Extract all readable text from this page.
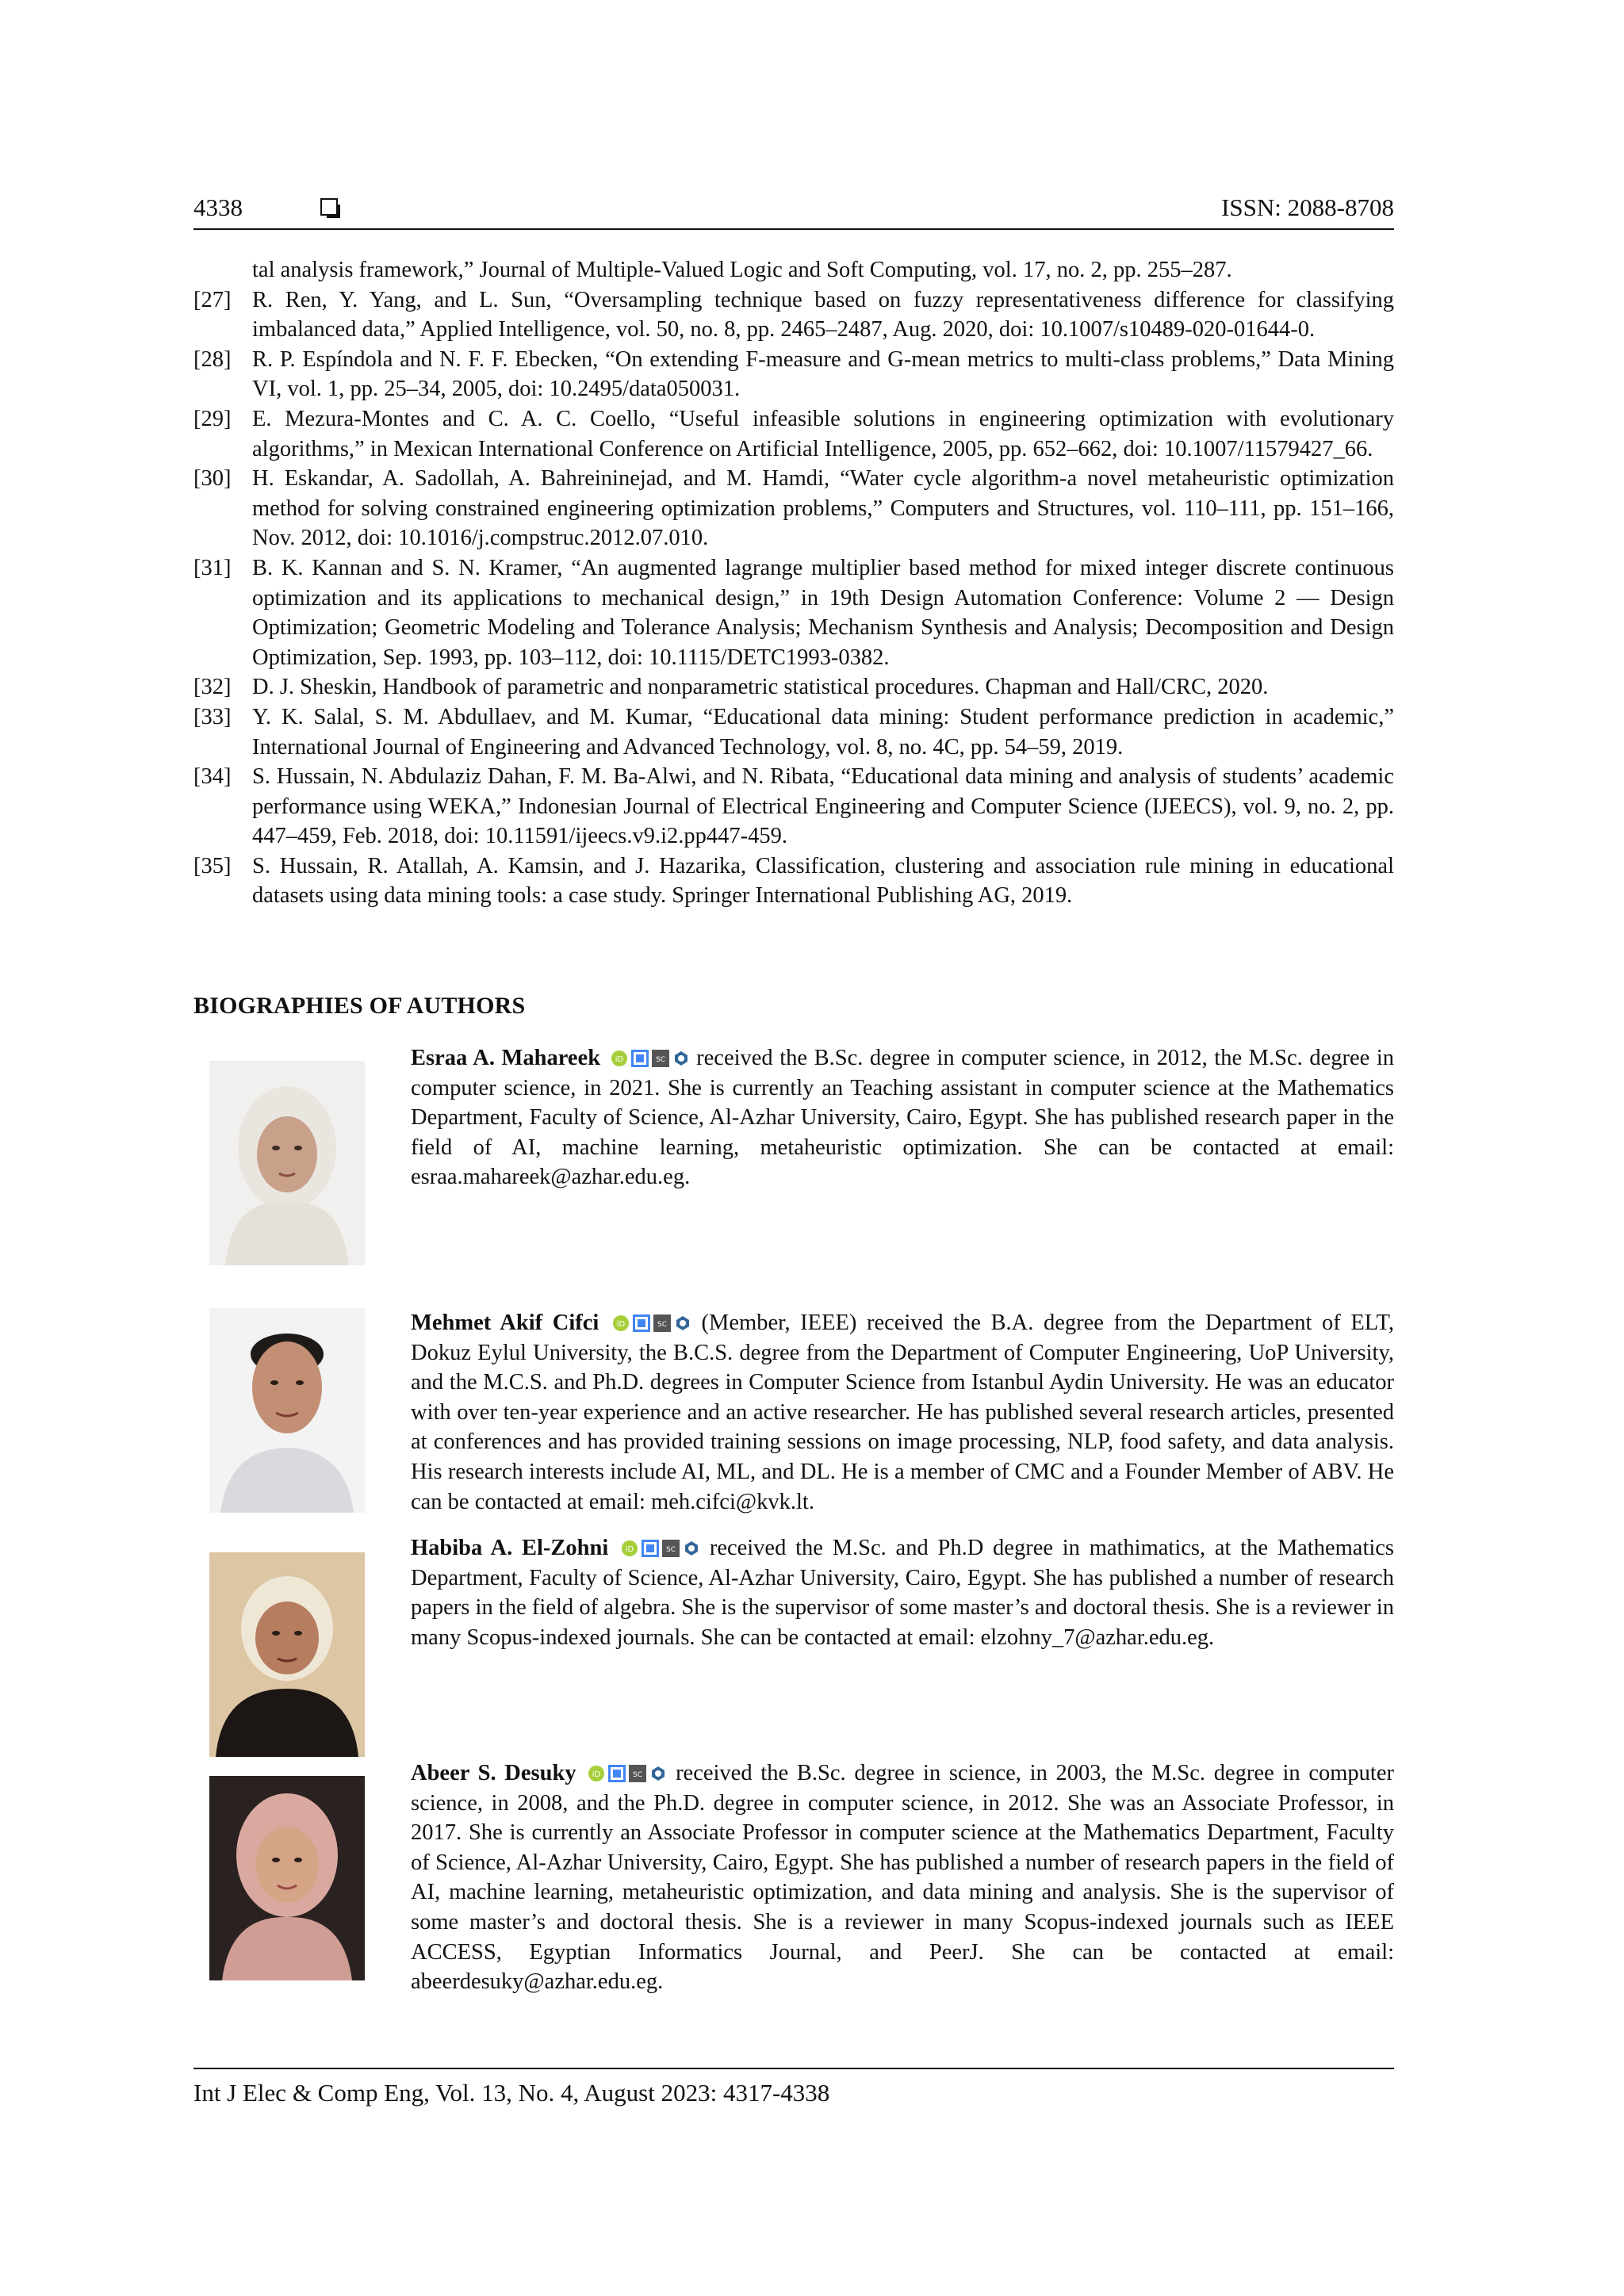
4338	ISSN: 2088-8708
tal analysis framework,” Journal of Multiple-Valued Logic and Soft Computing, vol. 17, no. 2, pp. 255–287.
[27] R. Ren, Y. Yang, and L. Sun, “Oversampling technique based on fuzzy representativeness difference for classifying imbalanced data,” Applied Intelligence, vol. 50, no. 8, pp. 2465–2487, Aug. 2020, doi: 10.1007/s10489-020-01644-0.
[28] R. P. Espíndola and N. F. F. Ebecken, “On extending F-measure and G-mean metrics to multi-class problems,” Data Mining VI, vol. 1, pp. 25–34, 2005, doi: 10.2495/data050031.
[29] E. Mezura-Montes and C. A. C. Coello, “Useful infeasible solutions in engineering optimization with evolutionary algorithms,” in Mexican International Conference on Artificial Intelligence, 2005, pp. 652–662, doi: 10.1007/11579427_66.
[30] H. Eskandar, A. Sadollah, A. Bahreininejad, and M. Hamdi, “Water cycle algorithm-a novel metaheuristic optimization method for solving constrained engineering optimization problems,” Computers and Structures, vol. 110–111, pp. 151–166, Nov. 2012, doi: 10.1016/j.compstruc.2012.07.010.
[31] B. K. Kannan and S. N. Kramer, “An augmented lagrange multiplier based method for mixed integer discrete continuous optimization and its applications to mechanical design,” in 19th Design Automation Conference: Volume 2 — Design Optimization; Geometric Modeling and Tolerance Analysis; Mechanism Synthesis and Analysis; Decomposition and Design Optimization, Sep. 1993, pp. 103–112, doi: 10.1115/DETC1993-0382.
[32] D. J. Sheskin, Handbook of parametric and nonparametric statistical procedures. Chapman and Hall/CRC, 2020.
[33] Y. K. Salal, S. M. Abdullaev, and M. Kumar, “Educational data mining: Student performance prediction in academic,” International Journal of Engineering and Advanced Technology, vol. 8, no. 4C, pp. 54–59, 2019.
[34] S. Hussain, N. Abdulaziz Dahan, F. M. Ba-Alwi, and N. Ribata, “Educational data mining and analysis of students’ academic performance using WEKA,” Indonesian Journal of Electrical Engineering and Computer Science (IJEECS), vol. 9, no. 2, pp. 447–459, Feb. 2018, doi: 10.11591/ijeecs.v9.i2.pp447-459.
[35] S. Hussain, R. Atallah, A. Kamsin, and J. Hazarika, Classification, clustering and association rule mining in educational datasets using data mining tools: a case study. Springer International Publishing AG, 2019.
BIOGRAPHIES OF AUTHORS
Esraa A. Mahareek iD	SC received the B.Sc. degree in computer science, in 2012, the M.Sc. degree in computer science, in 2021. She is currently an Teaching assistant in computer science at the Mathematics Department, Faculty of Science, Al-Azhar University, Cairo, Egypt. She has published research paper in the field of AI, machine learning, metaheuristic optimization. She can be contacted at email: esraa.mahareek@azhar.edu.eg.
Mehmet Akif Cifci iD	SC (Member, IEEE) received the B.A. degree from the Department of ELT, Dokuz Eylul University, the B.C.S. degree from the Department of Computer Engineering, UoP University, and the M.C.S. and Ph.D. degrees in Computer Science from Istanbul Aydin University. He was an educator with over ten-year experience and an active researcher. He has published several research articles, presented at conferences and has provided training sessions on image processing, NLP, food safety, and data analysis. His research interests include AI, ML, and DL. He is a member of CMC and a Founder Member of ABV. He can be contacted at email: meh.cifci@kvk.lt.
Habiba A. El-Zohni iD	SC received the M.Sc. and Ph.D degree in mathimatics, at the Mathematics Department, Faculty of Science, Al-Azhar University, Cairo, Egypt. She has published a number of research papers in the field of algebra. She is the supervisor of some master’s and doctoral thesis. She is a reviewer in many Scopus-indexed journals. She can be contacted at email: elzohny_7@azhar.edu.eg.
Abeer S. Desuky iD	SC received the B.Sc. degree in science, in 2003, the M.Sc. degree in computer science, in 2008, and the Ph.D. degree in computer science, in 2012. She was an Associate Professor, in 2017. She is currently an Associate Professor in computer science at the Mathematics Department, Faculty of Science, Al-Azhar University, Cairo, Egypt. She has published a number of research papers in the field of AI, machine learning, metaheuristic optimization, and data mining and analysis. She is the supervisor of some master’s and doctoral thesis. She is a reviewer in many Scopus-indexed journals such as IEEE ACCESS, Egyptian Informatics Journal, and PeerJ. She can be contacted at email: abeerdesuky@azhar.edu.eg.
Int J Elec & Comp Eng, Vol. 13, No. 4, August 2023: 4317-4338
